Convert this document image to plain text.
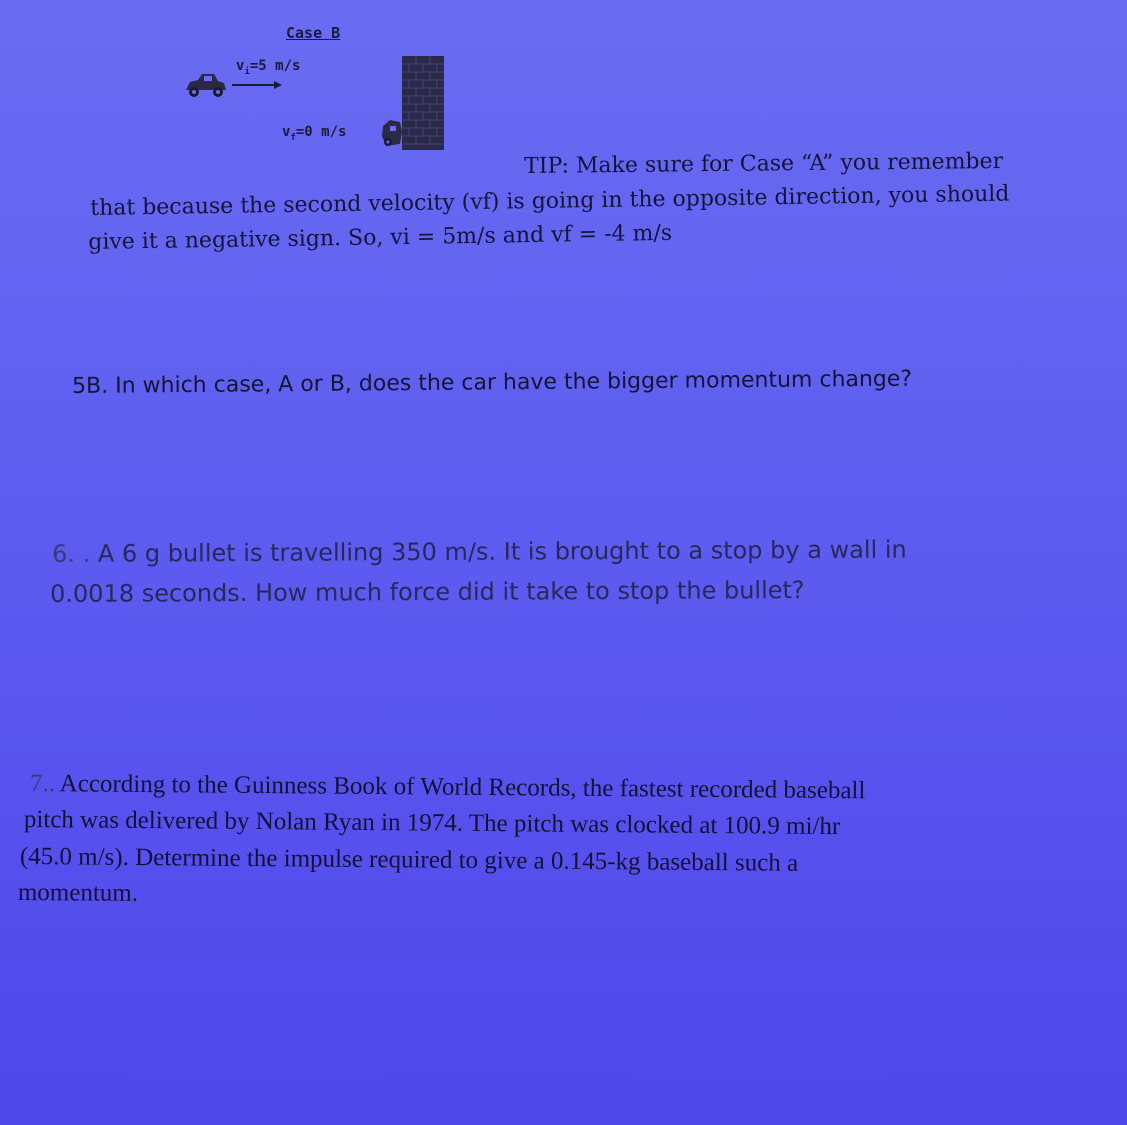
Case B
$v_i=5$ m/s
$v_f=0$ m/s
TIP: Make sure for Case “A” you remember
that because the second velocity (vf) is going in the opposite direction, you should
give it a negative sign. So, vi = 5m/s and vf = -4 m/s
5B. In which case, A or B, does the car have the bigger momentum change?
6. . A 6 g bullet is travelling 350 m/s. It is brought to a stop by a wall in
0.0018 seconds. How much force did it take to stop the bullet?
7.. According to the Guinness Book of World Records, the fastest recorded baseball
pitch was delivered by Nolan Ryan in 1974. The pitch was clocked at 100.9 mi/hr
(45.0 m/s). Determine the impulse required to give a 0.145-kg baseball such a
momentum.
